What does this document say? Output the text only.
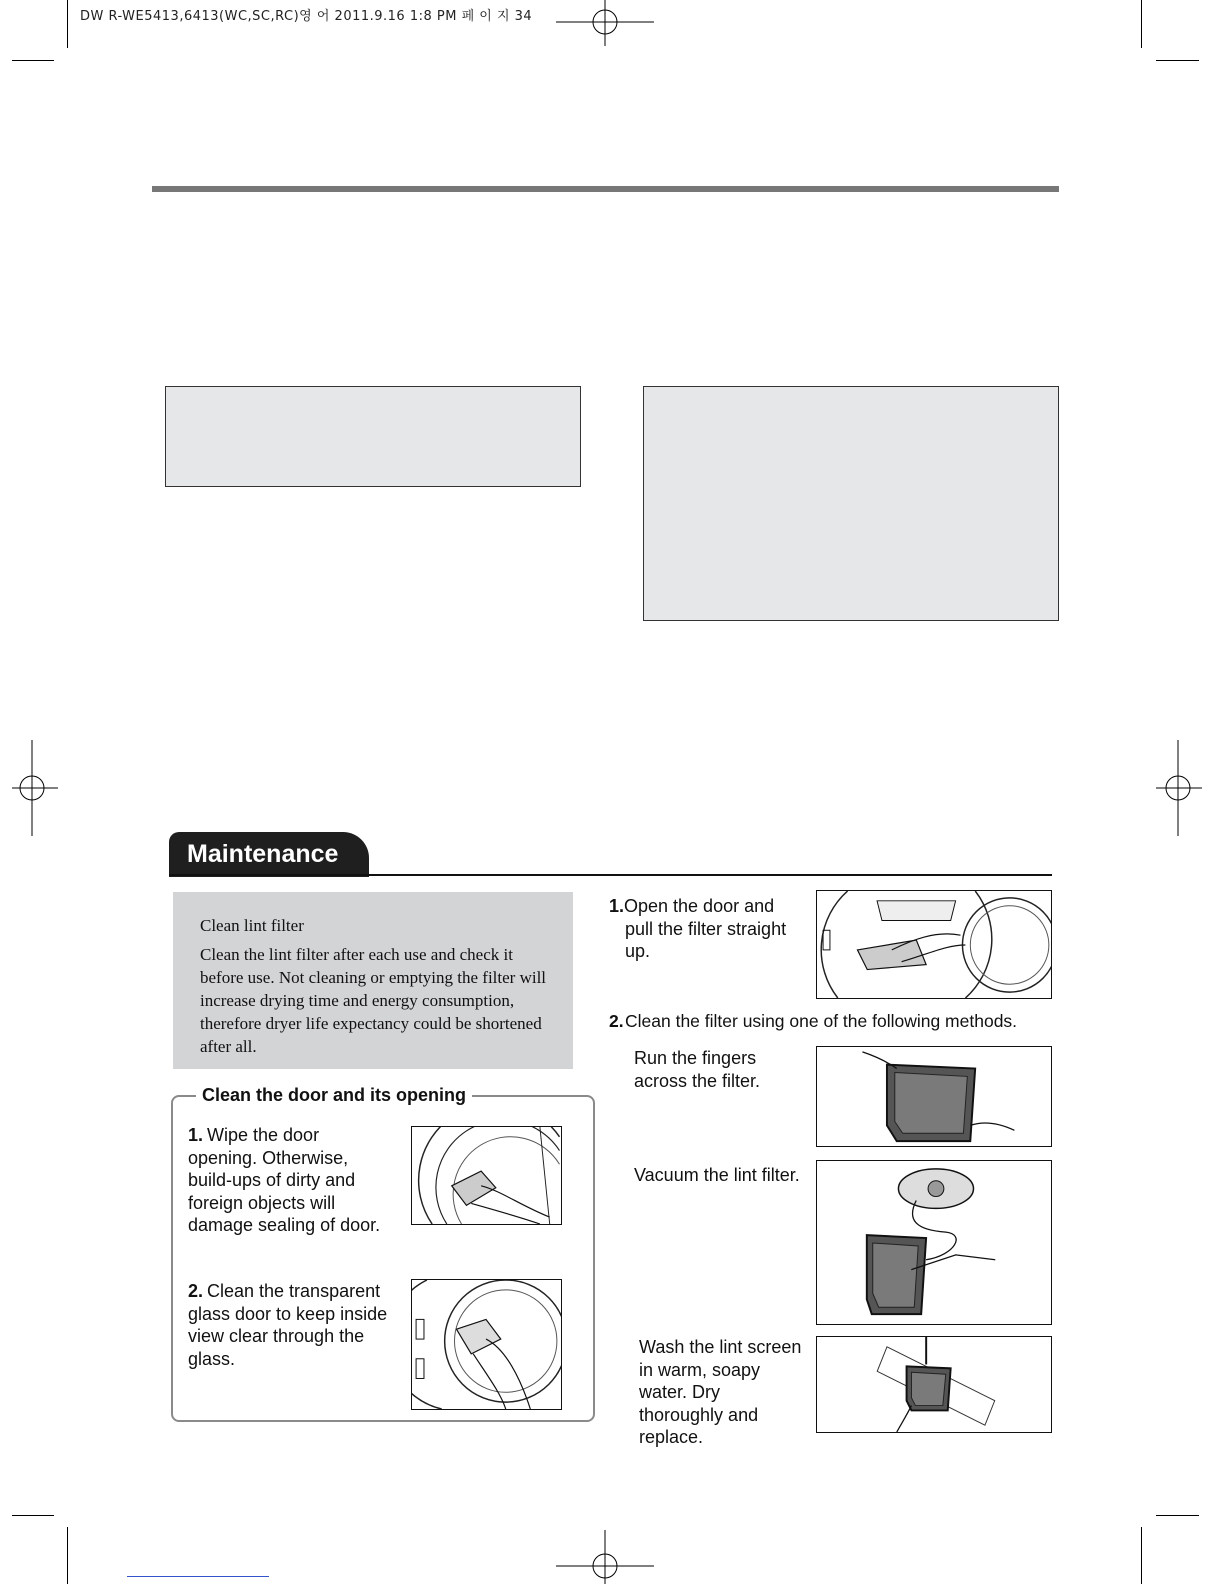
DW R-WE5413,6413(WC,SC,RC)영 어 2011.9.16 1:8 PM 페 이 지 34
Maintenance
Clean lint filter
Clean the lint filter after each use and check it before use. Not cleaning or emptying the filter will increase drying time and energy consumption, therefore dryer life expectancy could be shortened after all.
Clean the door and its opening
1. Wipe the door opening. Otherwise, build-ups of dirty and foreign objects will damage sealing of door.
2. Clean the transparent glass door to keep inside view clear through the glass.
1. Open the door and pull the filter straight up.
2. Clean the filter using one of the following methods.
Run the fingers across the filter.
Vacuum the lint filter.
Wash the lint screen in warm, soapy water. Dry thoroughly and replace.
